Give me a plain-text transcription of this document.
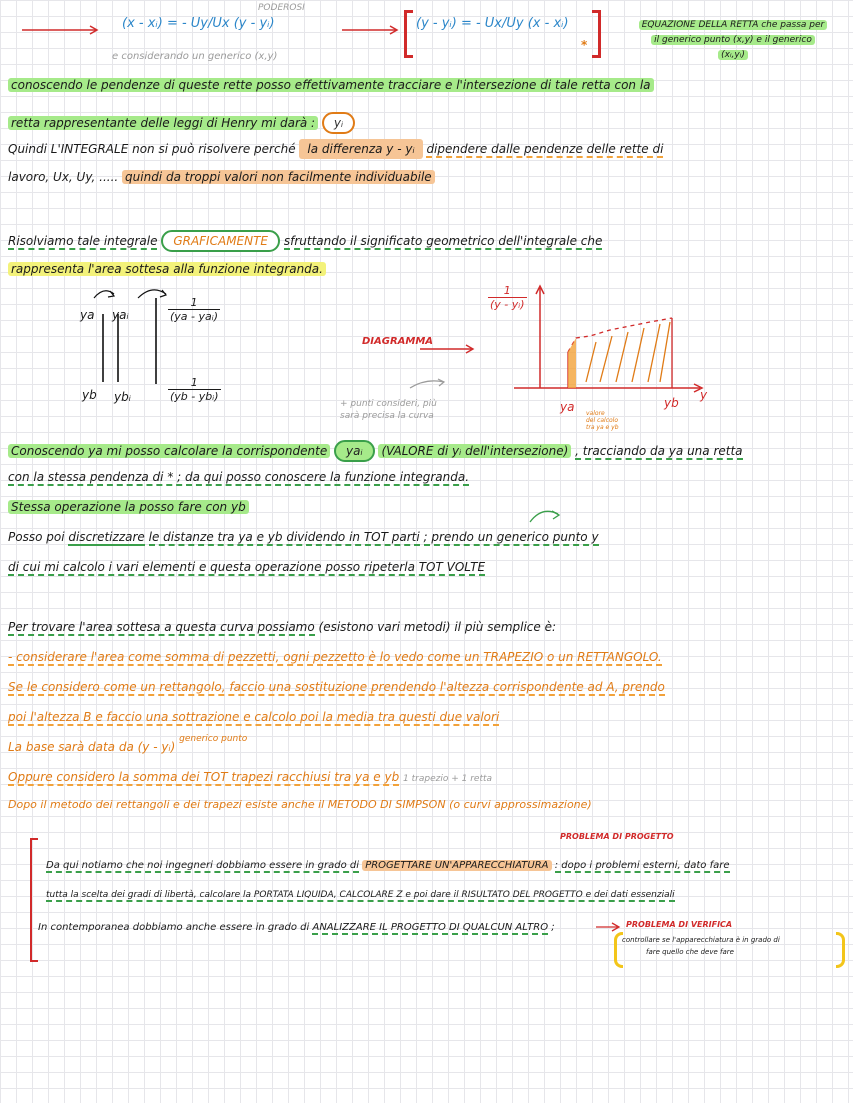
(x - xᵢ) = - Uy/Ux (y - yᵢ)
PODEROSI
e considerando un generico (x,y)
(y - yᵢ) = - Ux/Uy (x - xᵢ)
*
EQUAZIONE DELLA RETTA che passa per
il generico punto (x,y) e il generico
(xᵢ,yᵢ)
conoscendo le pendenze di queste rette posso effettivamente tracciare e l'intersezione di tale retta con la
retta rappresentante delle leggi di Henry mi darà : yᵢ
Quindi L'INTEGRALE non si può risolvere perché la differenza y - yᵢ dipendere dalle pendenze delle rette di
lavoro, Ux, Uy, ..... quindi da troppi valori non facilmente individuabile
Risolviamo tale integrale GRAFICAMENTE sfruttando il significato geometrico dell'integrale che
rappresenta l'area sottesa alla funzione integranda.
ya yaᵢ
yb ybᵢ
$\frac{1}{\text{(ya - yaᵢ)}}$
$\frac{1}{\text{(yb - ybᵢ)}}$
DIAGRAMMA
+ punti consideri, più
sarà precisa la curva
$\frac{1}{\text{(y - yᵢ)}}$
y
ya	yb
valore
del calcolo
tra ya e yb
Conoscendo ya mi posso calcolare la corrispondente yaᵢ (VALORE di yᵢ dell'intersezione) , tracciando da ya una retta
con la stessa pendenza di * ; da qui posso conoscere la funzione integranda.
Stessa operazione la posso fare con yb
Posso poi discretizzare le distanze tra ya e yb dividendo in TOT parti ; prendo un generico punto y
di cui mi calcolo i vari elementi e questa operazione posso ripeterla TOT VOLTE
Per trovare l'area sottesa a questa curva possiamo (esistono vari metodi) il più semplice è:
- considerare l'area come somma di pezzetti, ogni pezzetto è lo vedo come un TRAPEZIO o un RETTANGOLO.
Se le considero come un rettangolo, faccio una sostituzione prendendo l'altezza corrispondente ad A, prendo
poi l'altezza B e faccio una sottrazione e calcolo poi la media tra questi due valori
La base sarà data da (y - yᵢ) $^{generico punto}$
Oppure considero la somma dei TOT trapezi racchiusi tra ya e yb 1 trapezio + 1 retta
Dopo il metodo dei rettangoli e dei trapezi esiste anche il METODO DI SIMPSON (o curvi approssimazione)
PROBLEMA DI PROGETTO
Da qui notiamo che noi ingegneri dobbiamo essere in grado di PROGETTARE UN'APPARECCHIATURA : dopo i problemi esterni, dato fare
tutta la scelta dei gradi di libertà, calcolare la PORTATA LIQUIDA, CALCOLARE Z e poi dare il RISULTATO DEL PROGETTO e dei dati essenziali
In contemporanea dobbiamo anche essere in grado di ANALIZZARE IL PROGETTO DI QUALCUN ALTRO ;	PROBLEMA DI VERIFICA
controllare se l'apparecchiatura è in grado di
fare quello che deve fare
